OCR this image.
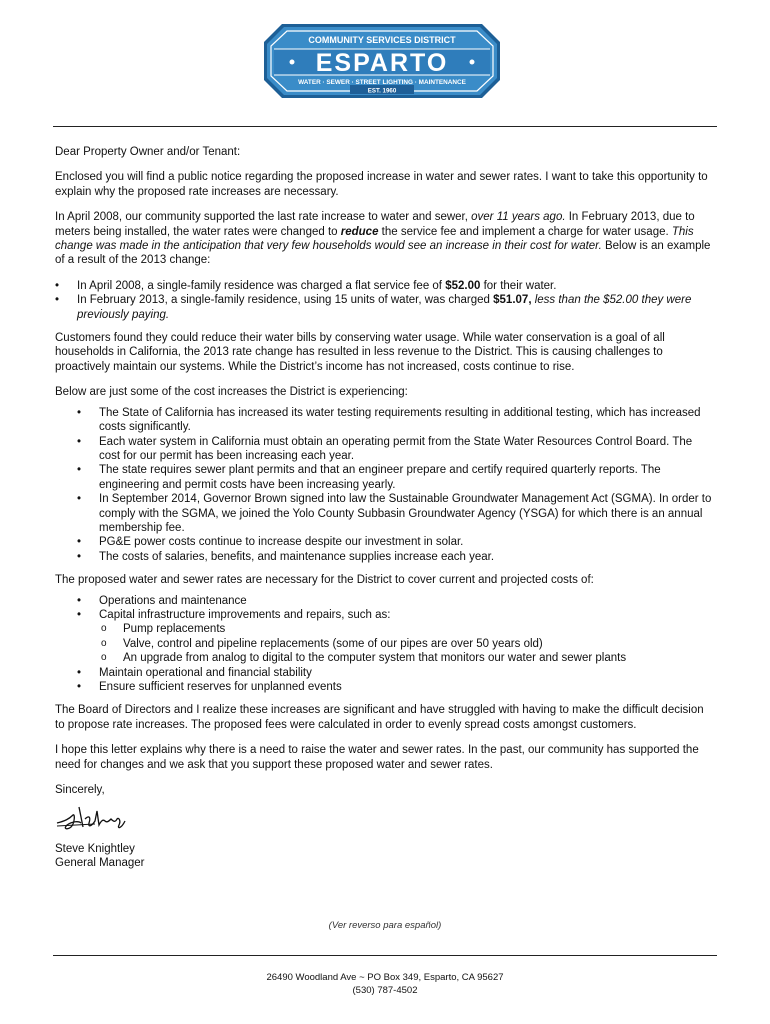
COMMUNITY SERVICES DISTRICT
ESPARTO
WATER · SEWER · STREET LIGHTING · MAINTENANCE
EST. 1960

Dear Property Owner and/or Tenant:

Enclosed you will find a public notice regarding the proposed increase in water and sewer rates. I want to take this opportunity to explain why the proposed rate increases are necessary.

In April 2008, our community supported the last rate increase to water and sewer, over 11 years ago. In February 2013, due to meters being installed, the water rates were changed to reduce the service fee and implement a charge for water usage. This change was made in the anticipation that very few households would see an increase in their cost for water. Below is an example of a result of the 2013 change:

• In April 2008, a single-family residence was charged a flat service fee of $52.00 for their water.
• In February 2013, a single-family residence, using 15 units of water, was charged $51.07, less than the $52.00 they were previously paying.

Customers found they could reduce their water bills by conserving water usage. While water conservation is a goal of all households in California, the 2013 rate change has resulted in less revenue to the District. This is causing challenges to proactively maintain our systems. While the District’s income has not increased, costs continue to rise.

Below are just some of the cost increases the District is experiencing:

• The State of California has increased its water testing requirements resulting in additional testing, which has increased costs significantly.
• Each water system in California must obtain an operating permit from the State Water Resources Control Board. The cost for our permit has been increasing each year.
• The state requires sewer plant permits and that an engineer prepare and certify required quarterly reports. The engineering and permit costs have been increasing yearly.
• In September 2014, Governor Brown signed into law the Sustainable Groundwater Management Act (SGMA). In order to comply with the SGMA, we joined the Yolo County Subbasin Groundwater Agency (YSGA) for which there is an annual membership fee.
• PG&E power costs continue to increase despite our investment in solar.
• The costs of salaries, benefits, and maintenance supplies increase each year.

The proposed water and sewer rates are necessary for the District to cover current and projected costs of:

• Operations and maintenance
• Capital infrastructure improvements and repairs, such as:
o Pump replacements
o Valve, control and pipeline replacements (some of our pipes are over 50 years old)
o An upgrade from analog to digital to the computer system that monitors our water and sewer plants
• Maintain operational and financial stability
• Ensure sufficient reserves for unplanned events

The Board of Directors and I realize these increases are significant and have struggled with having to make the difficult decision to propose rate increases. The proposed fees were calculated in order to evenly spread costs amongst customers.

I hope this letter explains why there is a need to raise the water and sewer rates. In the past, our community has supported the need for changes and we ask that you support these proposed water and sewer rates.

Sincerely,
Steve Knightley
General Manager
(Ver reverso para español)
26490 Woodland Ave ~ PO Box 349, Esparto, CA 95627
(530) 787-4502
